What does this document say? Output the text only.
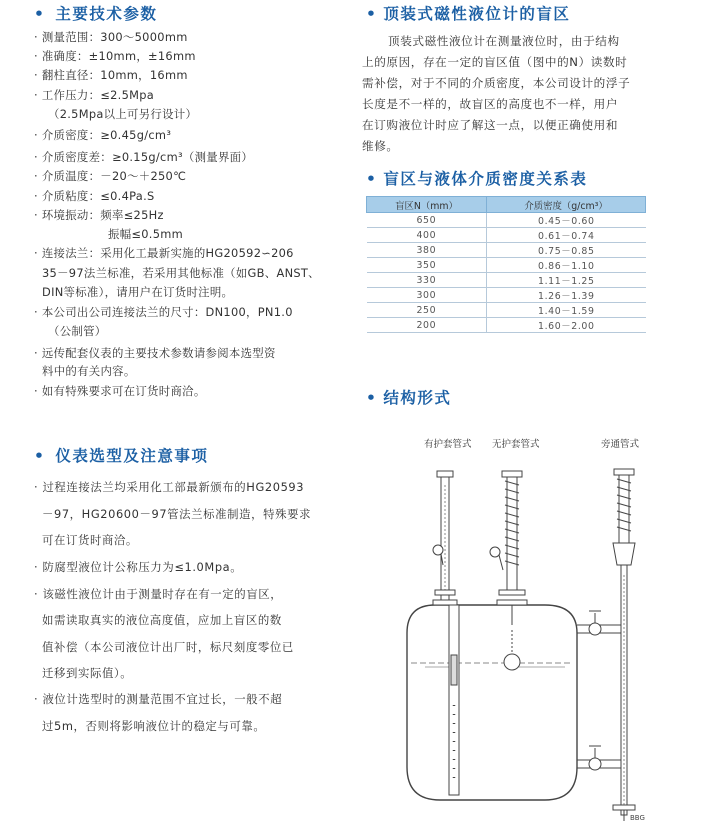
• 主要技术参数
· 测量范围：300～5000mm
· 准确度：±10mm，±16mm
· 翻柱直径：10mm，16mm
· 工作压力：≤2.5Mpa
（2.5Mpa以上可另行设计）
· 介质密度：≥0.45g/cm³
· 介质密度差：≥0.15g/cm³（测量界面）
· 介质温度：－20～＋250℃
· 介质粘度：≤0.4Pa.S
· 环境振动：频率≤25Hz
振幅≤0.5mm
· 连接法兰：采用化工最新实施的HG20592∽206
35－97法兰标准，若采用其他标准（如GB、ANST、
DIN等标准），请用户在订货时注明。
· 本公司出公司连接法兰的尺寸：DN100，PN1.0
（公制管）
· 远传配套仪表的主要技术参数请参阅本选型资
料中的有关内容。
· 如有特殊要求可在订货时商洽。
• 仪表选型及注意事项
· 过程连接法兰均采用化工部最新颁布的HG20593
－97，HG20600－97管法兰标准制造，特殊要求
可在订货时商洽。
· 防腐型液位计公称压力为≤1.0Mpa。
· 该磁性液位计由于测量时存在有一定的盲区，
如需读取真实的液位高度值，应加上盲区的数
值补偿（本公司液位计出厂时，标尺刻度零位已
迁移到实际值）。
· 液位计选型时的测量范围不宜过长，一般不超
过5m，否则将影响液位计的稳定与可靠。
• 顶装式磁性液位计的盲区
顶装式磁性液位计在测量液位时，由于结构
上的原因，存在一定的盲区值（图中的N）读数时
需补偿，对于不同的介质密度，本公司设计的浮子
长度是不一样的，故盲区的高度也不一样，用户
在订购液位计时应了解这一点，以便正确使用和
维修。
• 盲区与液体介质密度关系表
盲区N（mm）	介质密度（g/cm³）
650	0.45－0.60
400	0.61－0.74
380	0.75－0.85
350	0.86－1.10
330	1.11－1.25
300	1.26－1.39
250	1.40－1.59
200	1.60－2.00
• 结构形式
有护套管式 无护套管式	旁通管式
BBG
